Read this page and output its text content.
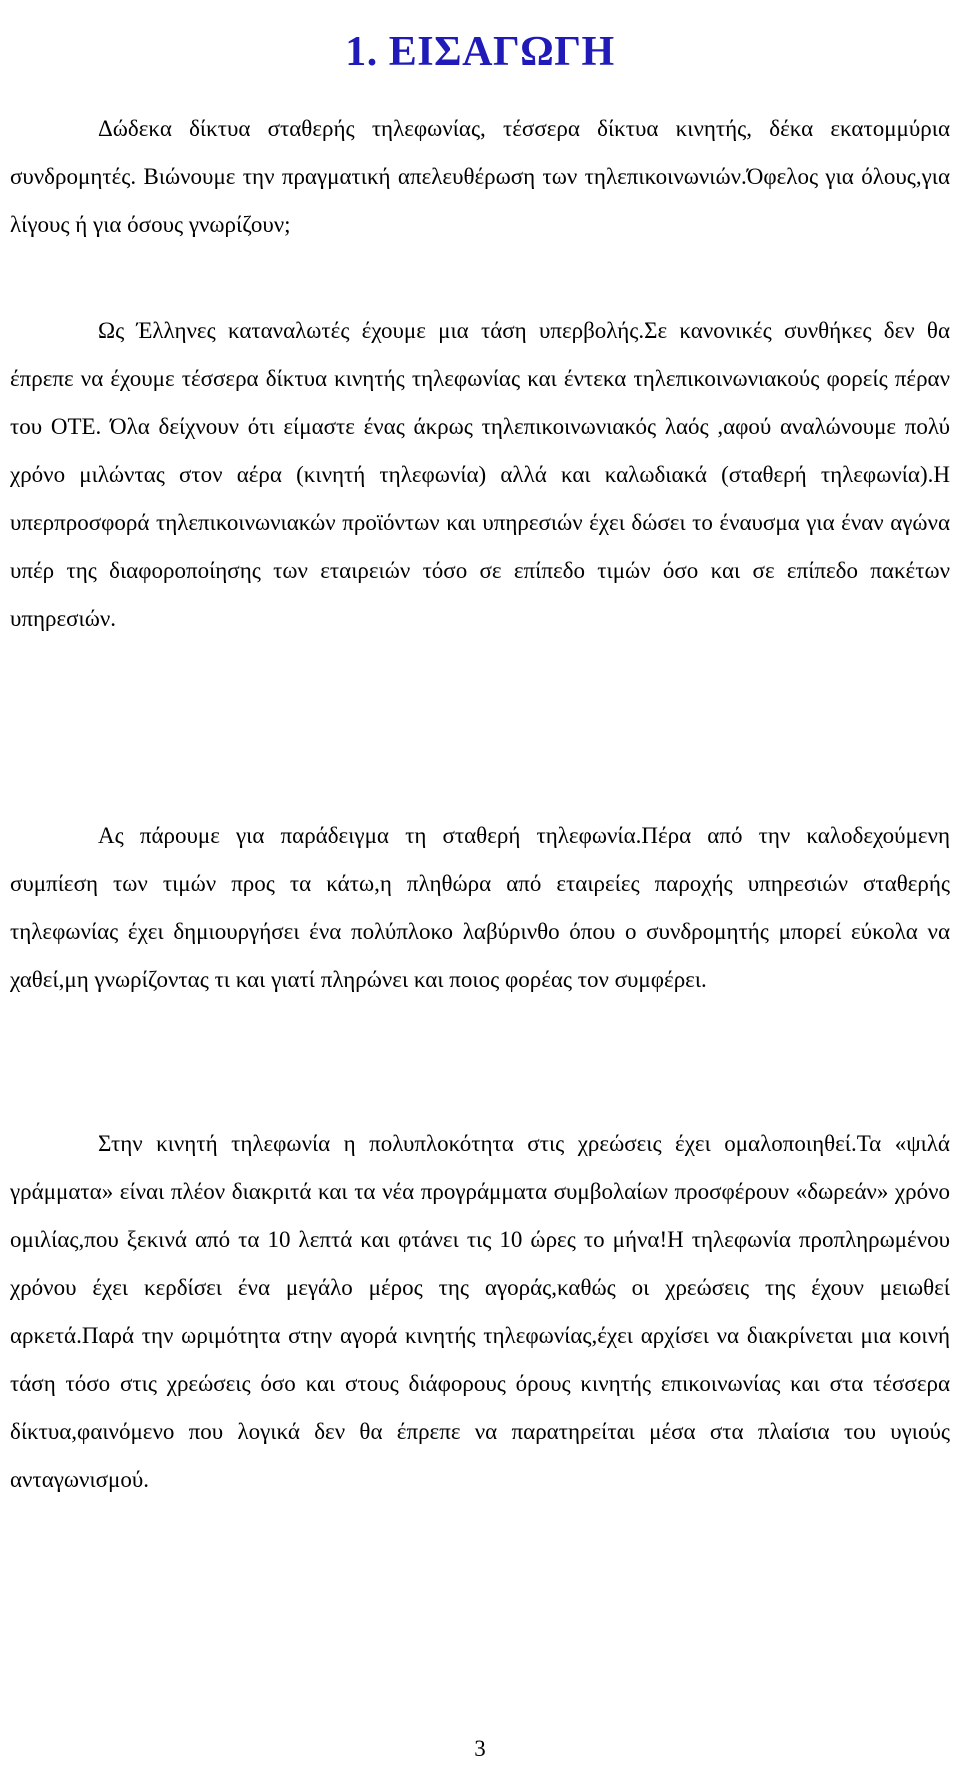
1. ΕΙΣΑΓΩΓΗ

Δώδεκα δίκτυα σταθερής τηλεφωνίας, τέσσερα δίκτυα κινητής, δέκα εκατομμύρια συνδρομητές. Βιώνουμε την πραγματική απελευθέρωση των τηλεπικοινωνιών.Όφελος για όλους,για λίγους ή για όσους γνωρίζουν;

Ως Έλληνες καταναλωτές έχουμε μια τάση υπερβολής.Σε κανονικές συνθήκες δεν θα έπρεπε να έχουμε τέσσερα δίκτυα κινητής τηλεφωνίας και έντεκα τηλεπικοινωνιακούς φορείς πέραν του ΟΤΕ. Όλα δείχνουν ότι είμαστε ένας άκρως τηλεπικοινωνιακός λαός ,αφού αναλώνουμε πολύ χρόνο μιλώντας στον αέρα (κινητή τηλεφωνία) αλλά και καλωδιακά (σταθερή τηλεφωνία).Η υπερπροσφορά τηλεπικοινωνιακών προϊόντων και υπηρεσιών έχει δώσει το έναυσμα για έναν αγώνα υπέρ της διαφοροποίησης των εταιρειών τόσο σε επίπεδο τιμών όσο και σε επίπεδο πακέτων υπηρεσιών.

Ας πάρουμε για παράδειγμα τη σταθερή τηλεφωνία.Πέρα από την καλοδεχούμενη συμπίεση των τιμών προς τα κάτω,η πληθώρα από εταιρείες παροχής υπηρεσιών σταθερής τηλεφωνίας έχει δημιουργήσει ένα πολύπλοκο λαβύρινθο όπου ο συνδρομητής μπορεί εύκολα να χαθεί,μη γνωρίζοντας τι και γιατί πληρώνει και ποιος φορέας τον συμφέρει.

Στην κινητή τηλεφωνία η πολυπλοκότητα στις χρεώσεις έχει ομαλοποιηθεί.Τα «ψιλά γράμματα» είναι πλέον διακριτά και τα νέα προγράμματα συμβολαίων προσφέρουν «δωρεάν» χρόνο ομιλίας,που ξεκινά από τα 10 λεπτά και φτάνει τις 10 ώρες το μήνα!Η τηλεφωνία προπληρωμένου χρόνου έχει κερδίσει ένα μεγάλο μέρος της αγοράς,καθώς οι χρεώσεις της έχουν μειωθεί αρκετά.Παρά την ωριμότητα στην αγορά κινητής τηλεφωνίας,έχει αρχίσει να διακρίνεται μια κοινή τάση τόσο στις χρεώσεις όσο και στους διάφορους όρους κινητής επικοινωνίας και στα τέσσερα δίκτυα,φαινόμενο που λογικά δεν θα έπρεπε να παρατηρείται μέσα στα πλαίσια του υγιούς ανταγωνισμού.

3
